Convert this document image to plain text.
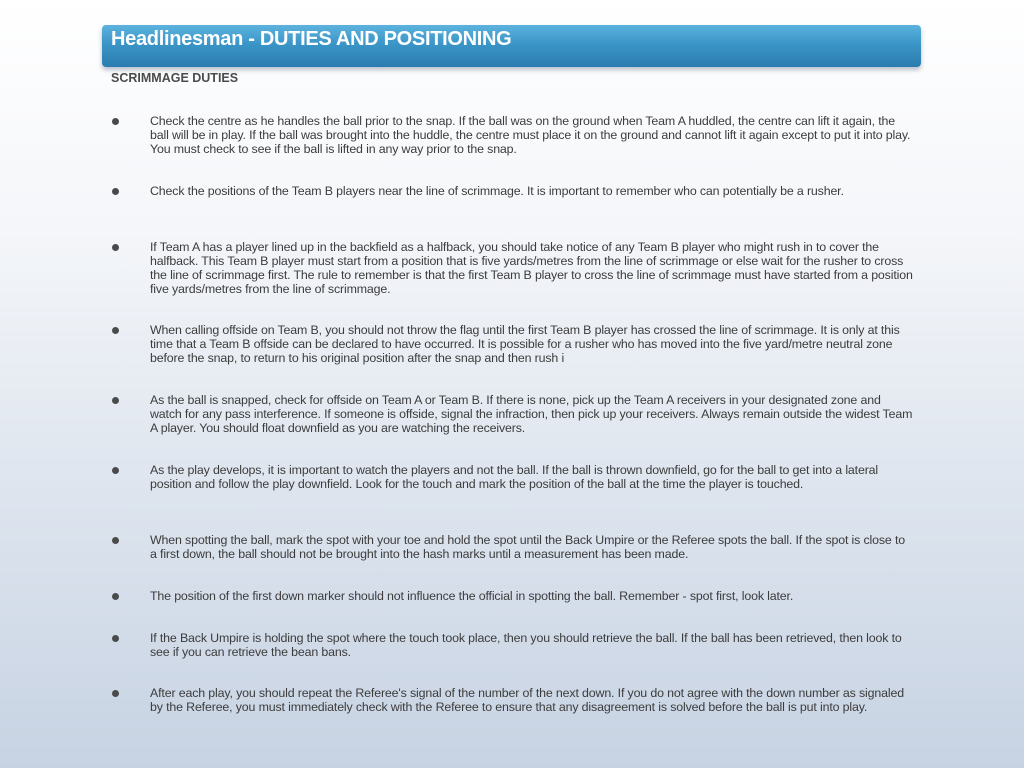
Headlinesman - DUTIES AND POSITIONING
SCRIMMAGE DUTIES
Check the centre as he handles the ball prior to the snap. If the ball was on the ground when Team A huddled, the centre can lift it again, the ball will be in play. If the ball was brought into the huddle, the centre must place it on the ground and cannot lift it again except to put it into play. You must check to see if the ball is lifted in any way prior to the snap.
Check the positions of the Team B players near the line of scrimmage. It is important to remember who can potentially be a rusher.
If Team A has a player lined up in the backfield as a halfback, you should take notice of any Team B player who might rush in to cover the halfback. This Team B player must start from a position that is five yards/metres from the line of scrimmage or else wait for the rusher to cross the line of scrimmage first. The rule to remember is that the first Team B player to cross the line of scrimmage must have started from a position five yards/metres from the line of scrimmage.
When calling offside on Team B, you should not throw the flag until the first Team B player has crossed the line of scrimmage. It is only at this time that a Team B offside can be declared to have occurred. It is possible for a rusher who has moved into the five yard/metre neutral zone before the snap, to return to his original position after the snap and then rush i
As the ball is snapped, check for offside on Team A or Team B. If there is none, pick up the Team A receivers in your designated zone and watch for any pass interference. If someone is offside, signal the infraction, then pick up your receivers. Always remain outside the widest Team A player. You should float downfield as you are watching the receivers.
As the play develops, it is important to watch the players and not the ball. If the ball is thrown downfield, go for the ball to get into a lateral position and follow the play downfield. Look for the touch and mark the position of the ball at the time the player is touched.
When spotting the ball, mark the spot with your toe and hold the spot until the Back Umpire or the Referee spots the ball. If the spot is close to a first down, the ball should not be brought into the hash marks until a measurement has been made.
The position of the first down marker should not influence the official in spotting the ball. Remember - spot first, look later.
If the Back Umpire is holding the spot where the touch took place, then you should retrieve the ball. If the ball has been retrieved, then look to see if you can retrieve the bean bans.
After each play, you should repeat the Referee's signal of the number of the next down. If you do not agree with the down number as signaled by the Referee, you must immediately check with the Referee to ensure that any disagreement is solved before the ball is put into play.
